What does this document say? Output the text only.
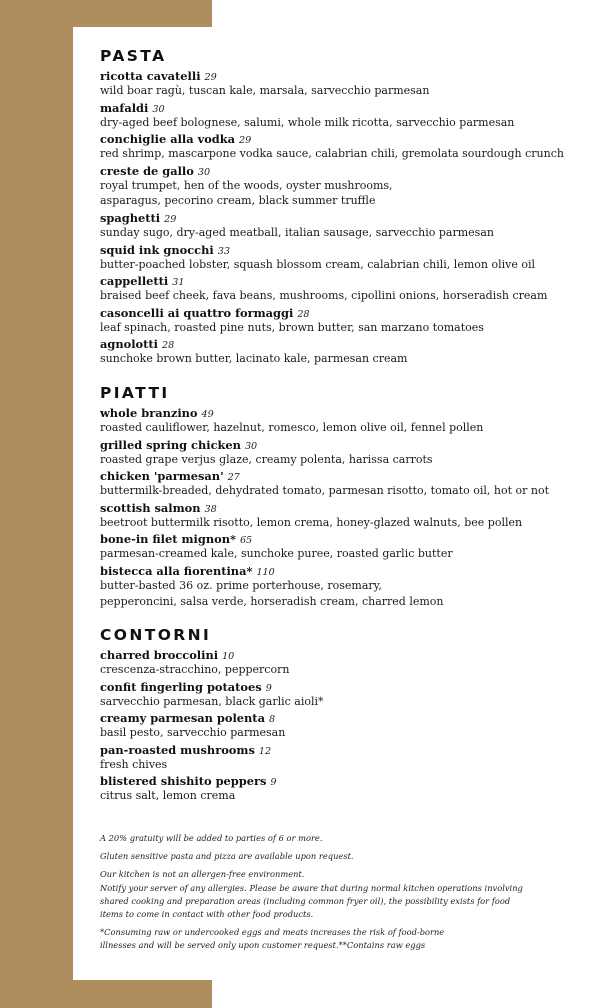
PASTA
ricotta cavatelli 29
wild boar ragù, tuscan kale, marsala, sarvecchio parmesan
mafaldi 30
dry-aged beef bolognese, salumi, whole milk ricotta, sarvecchio parmesan
conchiglie alla vodka 29
red shrimp, mascarpone vodka sauce, calabrian chili, gremolata sourdough crunch
creste de gallo 30
royal trumpet, hen of the woods, oyster mushrooms,
asparagus, pecorino cream, black summer truffle
spaghetti 29
sunday sugo, dry-aged meatball, italian sausage, sarvecchio parmesan
squid ink gnocchi 33
butter-poached lobster, squash blossom cream, calabrian chili, lemon olive oil
cappelletti 31
braised beef cheek, fava beans, mushrooms, cipollini onions, horseradish cream
casoncelli ai quattro formaggi 28
leaf spinach, roasted pine nuts, brown butter, san marzano tomatoes
agnolotti 28
sunchoke brown butter, lacinato kale, parmesan cream
PIATTI
whole branzino 49
roasted cauliflower, hazelnut, romesco, lemon olive oil, fennel pollen
grilled spring chicken 30
roasted grape verjus glaze, creamy polenta, harissa carrots
chicken 'parmesan' 27
buttermilk-breaded, dehydrated tomato, parmesan risotto, tomato oil, hot or not
scottish salmon 38
beetroot buttermilk risotto, lemon crema, honey-glazed walnuts, bee pollen
bone-in filet mignon* 65
parmesan-creamed kale, sunchoke puree, roasted garlic butter
bistecca alla fiorentina* 110
butter-basted 36 oz. prime porterhouse, rosemary,
pepperoncini, salsa verde, horseradish cream, charred lemon
CONTORNI
charred broccolini 10
crescenza-stracchino, peppercorn
confit fingerling potatoes 9
sarvecchio parmesan, black garlic aioli*
creamy parmesan polenta 8
basil pesto, sarvecchio parmesan
pan-roasted mushrooms 12
fresh chives
blistered shishito peppers 9
citrus salt, lemon crema
A 20% gratuity will be added to parties of 6 or more.
Gluten sensitive pasta and pizza are available upon request.
Our kitchen is not an allergen-free environment.
Notify your server of any allergies. Please be aware that during normal kitchen operations involving
shared cooking and preparation areas (including common fryer oil), the possibility exists for food
items to come in contact with other food products.
*Consuming raw or undercooked eggs and meats increases the risk of food-borne
illnesses and will be served only upon customer request.**Contains raw eggs
